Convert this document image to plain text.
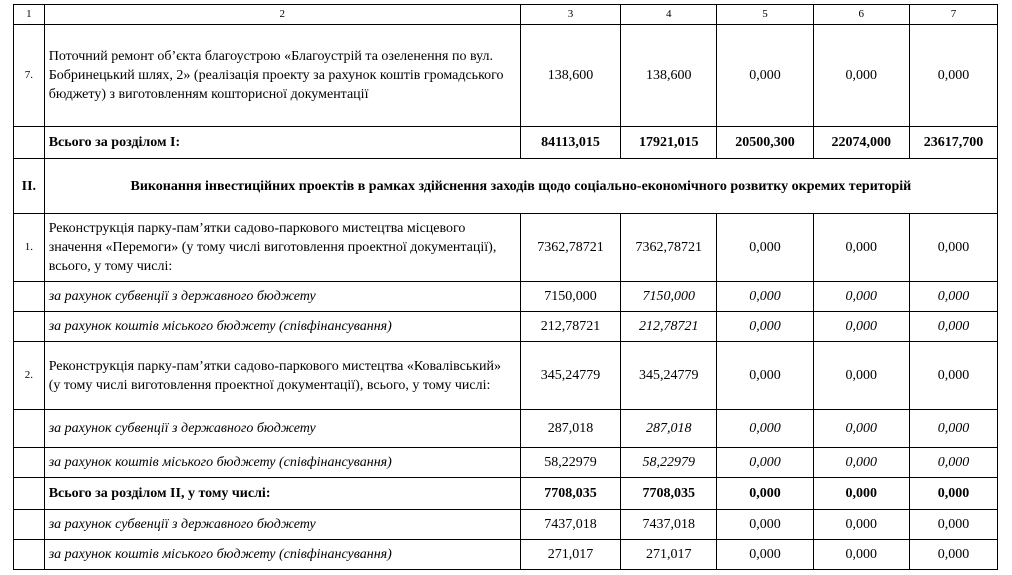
1	2	3	4	5	6	7
7.	Поточний ремонт об’єкта благоустрою «Благоустрій та озеленення по вул. Бобринецький шлях, 2» (реалізація проекту за рахунок коштів громадського бюджету) з виготовленням кошторисної документації	138,600	138,600	0,000	0,000	0,000
	Всього за розділом І:	84113,015	17921,015	20500,300	22074,000	23617,700
ІІ.	Виконання інвестиційних проектів в рамках здійснення заходів щодо соціально-економічного розвитку окремих територій					
1.	Реконструкція парку-пам’ятки садово-паркового мистецтва місцевого значення «Перемоги» (у тому числі виготовлення проектної документації), всього, у тому числі:	7362,78721	7362,78721	0,000	0,000	0,000
	за рахунок субвенції з державного бюджету	7150,000	7150,000	0,000	0,000	0,000
	за рахунок коштів міського бюджету (співфінансування)	212,78721	212,78721	0,000	0,000	0,000
2.	Реконструкція парку-пам’ятки садово-паркового мистецтва «Ковалівський» (у тому числі виготовлення проектної документації), всього, у тому числі:	345,24779	345,24779	0,000	0,000	0,000
	за рахунок субвенції з державного бюджету	287,018	287,018	0,000	0,000	0,000
	за рахунок коштів міського бюджету (співфінансування)	58,22979	58,22979	0,000	0,000	0,000
	Всього за розділом ІІ, у тому числі:	7708,035	7708,035	0,000	0,000	0,000
	за рахунок субвенції з державного бюджету	7437,018	7437,018	0,000	0,000	0,000
	за рахунок коштів міського бюджету (співфінансування)	271,017	271,017	0,000	0,000	0,000
